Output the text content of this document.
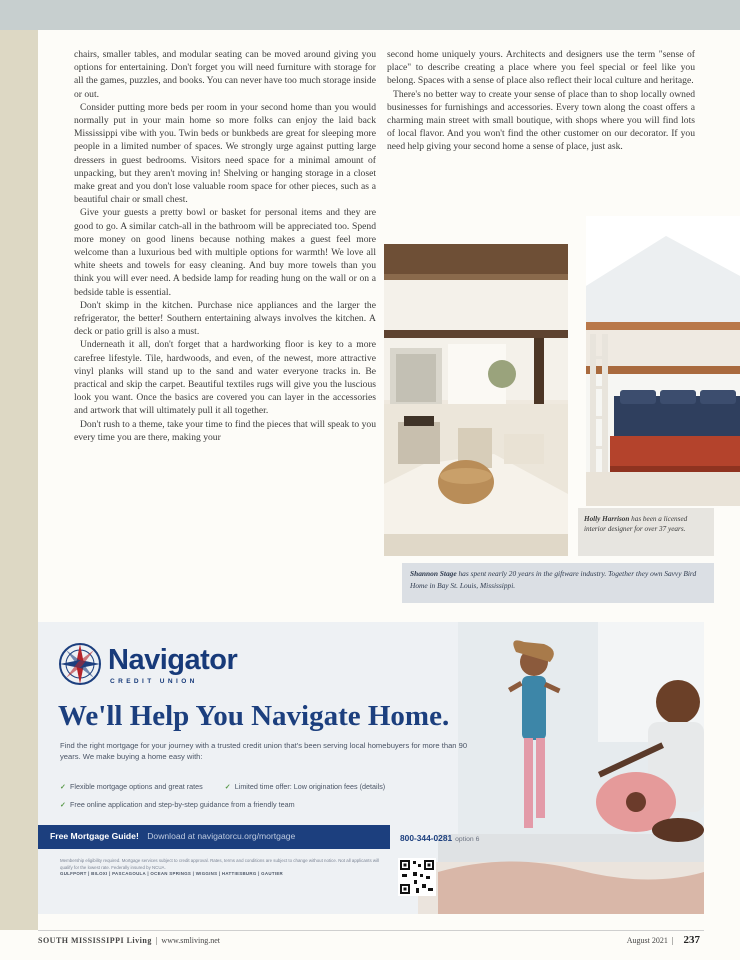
chairs, smaller tables, and modular seating can be moved around giving you options for entertaining. Don't forget you will need furniture with storage for all the games, puzzles, and books. You can never have too much storage inside or out.

Consider putting more beds per room in your second home than you would normally put in your main home so more folks can enjoy the laid back Mississippi vibe with you. Twin beds or bunkbeds are great for sleeping more people in a limited number of spaces. We strongly urge against putting large dressers in guest bedrooms. Visitors need space for a minimal amount of unpacking, but they aren't moving in! Shelving or hanging storage in a closet make great and you don't lose valuable room space for other pieces, such as a beautiful chair or small chest.

Give your guests a pretty bowl or basket for personal items and they are good to go. A similar catch-all in the bathroom will be appreciated too. Spend more money on good linens because nothing makes a guest feel more welcome than a luxurious bed with multiple options for warmth! We love all white sheets and towels for easy cleaning. And buy more towels than you think you will ever need. A bedside lamp for reading hung on the wall or on a bedside table is essential.

Don't skimp in the kitchen. Purchase nice appliances and the larger the refrigerator, the better! Southern entertaining always involves the kitchen. A deck or patio grill is also a must.

Underneath it all, don't forget that a hardworking floor is key to a more carefree lifestyle. Tile, hardwoods, and even, of the newest, more attractive vinyl planks will stand up to the sand and water everyone tracks in. Be practical and skip the carpet. Beautiful textiles rugs will give you the luscious look you want. Once the basics are covered you can layer in the accessories and artwork that will ultimately pull it all together.

Don't rush to a theme, take your time to find the pieces that will speak to you every time you are there, making your

second home uniquely yours. Architects and designers use the term "sense of place" to describe creating a place where you feel special or feel like you belong. Spaces with a sense of place also reflect their local culture and heritage.

There's no better way to create your sense of place than to shop locally owned businesses for furnishings and accessories. Every town along the coast offers a charming main street with small boutique, with shops where you will find lots of local flavor. And you won't find the other customer on our decorator. If you need help giving your second home a sense of place, just ask.

Holly Harrison has been a licensed interior designer for over 37 years.
Shannon Stage has spent nearly 20 years in the giftware industry. Together they own Savvy Bird Home in Bay St. Louis, Mississippi.
Navigator
CREDIT UNION
We'll Help You Navigate Home.
Find the right mortgage for your journey with a trusted credit union that's been serving local homebuyers for more than 90 years. We make buying a home easy with:
✓ Flexible mortgage options and great rates	✓ Limited time offer: Low origination fees (details)
✓ Free online application and step-by-step guidance from a friendly team
Free Mortgage Guide! Download at navigatorcu.org/mortgage	800-344-0281 option 6
Membership eligibility required. Mortgage services subject to credit approval. Rates, terms and conditions are subject to change without notice. Not all applicants will qualify for the lowest rate. Federally insured by NCUA.
GULFPORT | BILOXI | PASCAGOULA | OCEAN SPRINGS | WIGGINS | HATTIESBURG | GAUTIER
SOUTH MISSISSIPPI Living  |  www.smliving.net	August 2021  | 237
